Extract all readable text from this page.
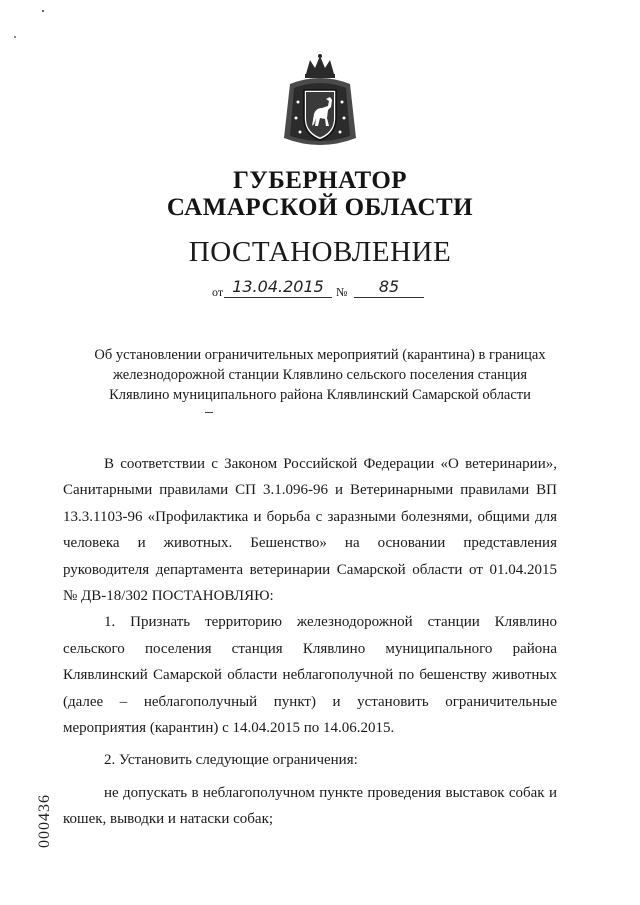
ГУБЕРНАТОР
САМАРСКОЙ ОБЛАСТИ
ПОСТАНОВЛЕНИЕ
от 13.04.2015	№	85
Об установлении ограничительных мероприятий (карантина) в границах
железнодорожной станции Клявлино сельского поселения станция
Клявлино муниципального района Клявлинский Самарской области

В соответствии с Законом Российской Федерации «О ветеринарии», Санитарными правилами СП 3.1.096-96 и Ветеринарными правилами ВП 13.3.1103-96 «Профилактика и борьба с заразными болезнями, общими для человека и животных. Бешенство» на основании представления руководителя департамента ветеринарии Самарской области от 01.04.2015 № ДВ-18/302 ПОСТАНОВЛЯЮ:

1. Признать территорию железнодорожной станции Клявлино сельского поселения станция Клявлино муниципального района Клявлинский Самарской области неблагополучной по бешенству животных (далее – неблагополучный пункт) и установить ограничительные мероприятия (карантин) с 14.04.2015 по 14.06.2015.

2. Установить следующие ограничения:

не допускать в неблагополучном пункте проведения выставок собак и кошек, выводки и натаски собак;

000436
